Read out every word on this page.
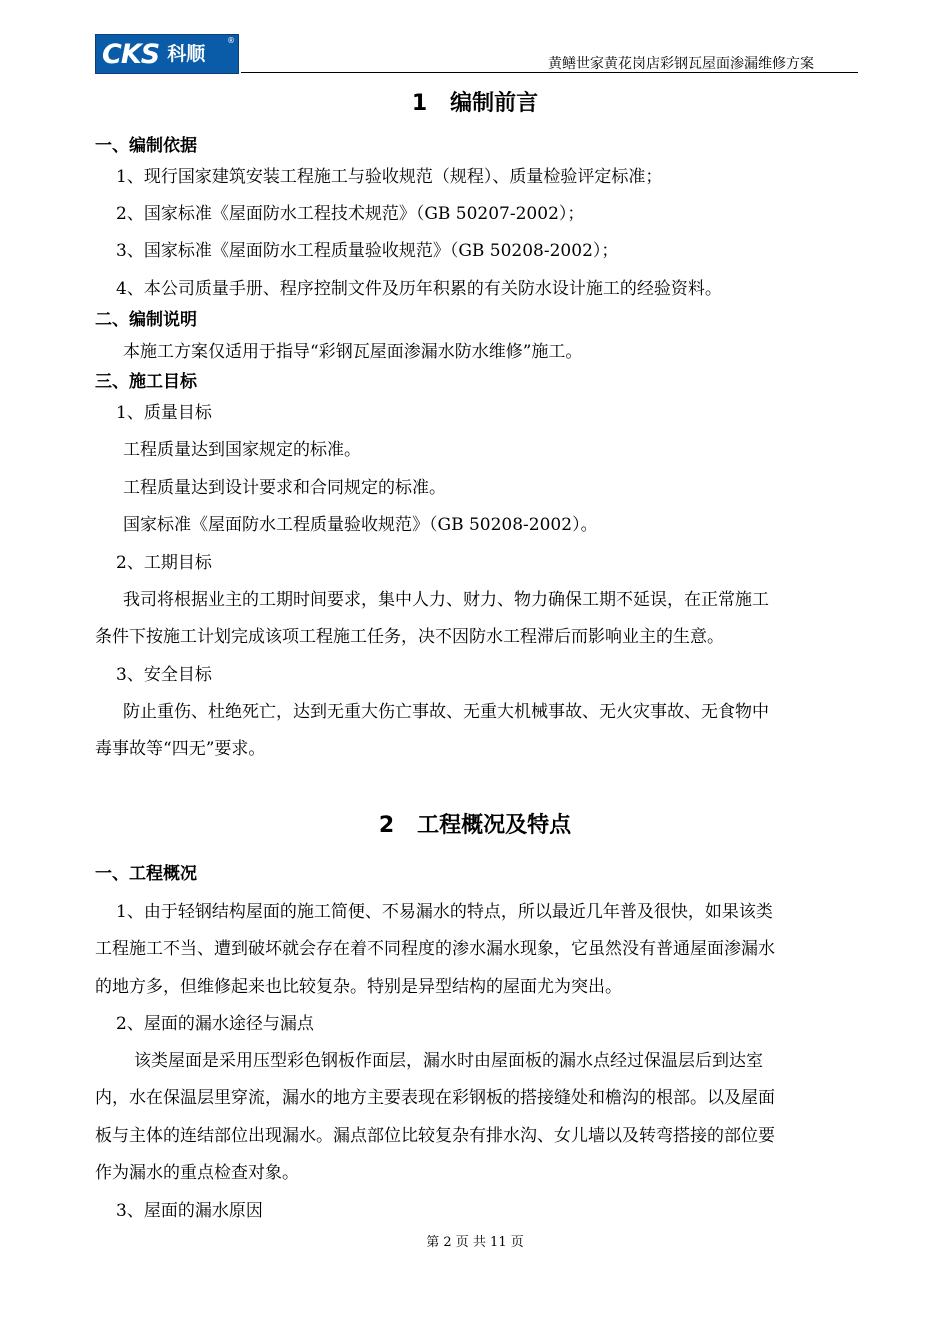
CKS 科顺
®
黄鳝世家黄花岗店彩钢瓦屋面渗漏维修方案
1   编制前言
一、编制依据
1、现行国家建筑安装工程施工与验收规范（规程）、质量检验评定标准；
2、国家标准《屋面防水工程技术规范》（GB 50207-2002）；
3、国家标准《屋面防水工程质量验收规范》（GB 50208-2002）；
4、本公司质量手册、程序控制文件及历年积累的有关防水设计施工的经验资料。
二、编制说明
本施工方案仅适用于指导“彩钢瓦屋面渗漏水防水维修”施工。
三、施工目标
1、质量目标
工程质量达到国家规定的标准。
工程质量达到设计要求和合同规定的标准。
国家标准《屋面防水工程质量验收规范》（GB 50208-2002）。
2、工期目标
我司将根据业主的工期时间要求，集中人力、财力、物力确保工期不延误，在正常施工
条件下按施工计划完成该项工程施工任务，决不因防水工程滞后而影响业主的生意。
3、安全目标
防止重伤、杜绝死亡，达到无重大伤亡事故、无重大机械事故、无火灾事故、无食物中
毒事故等“四无”要求。
2   工程概况及特点
一、工程概况
1、由于轻钢结构屋面的施工简便、不易漏水的特点，所以最近几年普及很快，如果该类
工程施工不当、遭到破坏就会存在着不同程度的渗水漏水现象，它虽然没有普通屋面渗漏水
的地方多，但维修起来也比较复杂。特别是异型结构的屋面尤为突出。
2、屋面的漏水途径与漏点
该类屋面是采用压型彩色钢板作面层，漏水时由屋面板的漏水点经过保温层后到达室
内，水在保温层里穿流，漏水的地方主要表现在彩钢板的搭接缝处和檐沟的根部。以及屋面
板与主体的连结部位出现漏水。漏点部位比较复杂有排水沟、女儿墙以及转弯搭接的部位要
作为漏水的重点检查对象。
3、屋面的漏水原因
第 2 页 共 11 页
